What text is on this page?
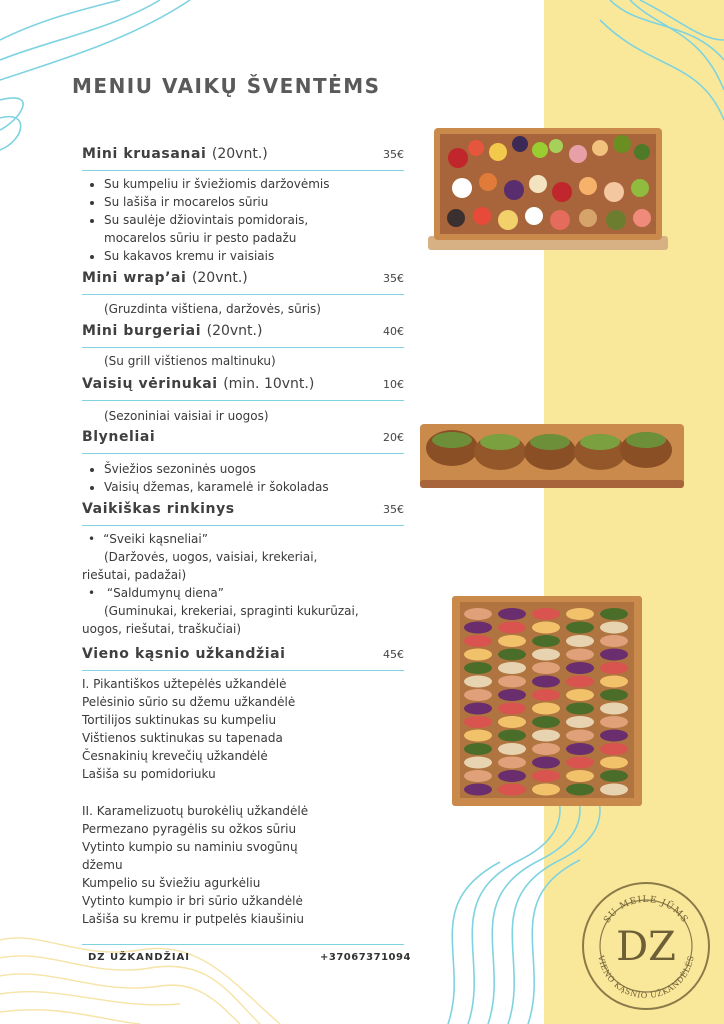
MENIU VAIKŲ ŠVENTĖMS
Mini kruasanai (20vnt.)	35€
• Su kumpeliu ir šviežiomis daržovėmis
• Su lašiša ir mocarelos sūriu
• Su saulėje džiovintais pomidorais,
mocarelos sūriu ir pesto padažu
• Su kakavos kremu ir vaisiais
Mini wrap’ai (20vnt.)	35€
(Gruzdinta vištiena, daržovės, sūris)
Mini burgeriai (20vnt.)	40€
(Su grill vištienos maltinuku)
Vaisių vėrinukai (min. 10vnt.)	10€
(Sezoniniai vaisiai ir uogos)
Blyneliai	20€
• Šviežios sezoninės uogos
• Vaisių džemas, karamelė ir šokoladas
Vaikiškas rinkinys	35€
• “Sveiki kąsneliai”
(Daržovės, uogos, vaisiai, krekeriai,
riešutai, padažai)
• “Saldumynų diena”
(Guminukai, krekeriai, spraginti kukurūzai,
uogos, riešutai, traškučiai)
Vieno kąsnio užkandžiai	45€
I. Pikantiškos užtepėlės užkandėlė
Pelėsinio sūrio su džemu užkandėlė
Tortilijos suktinukas su kumpeliu
Vištienos suktinukas su tapenada
Česnakinių krevečių užkandėlė
Lašiša su pomidoriuku
II. Karamelizuotų burokėlių užkandėlė
Permezano pyragėlis su ožkos sūriu
Vytinto kumpio su naminiu svogūnų
džemu
Kumpelio su šviežiu agurkėliu
Vytinto kumpio ir bri sūrio užkandėlė
Lašiša su kremu ir putpelės kiaušiniu
DZ UŽKANDŽIAI	+37067371094
SU MEILE JŪMS
VIENO KĄSNIO UŽKANDĖLĖS
DZ
